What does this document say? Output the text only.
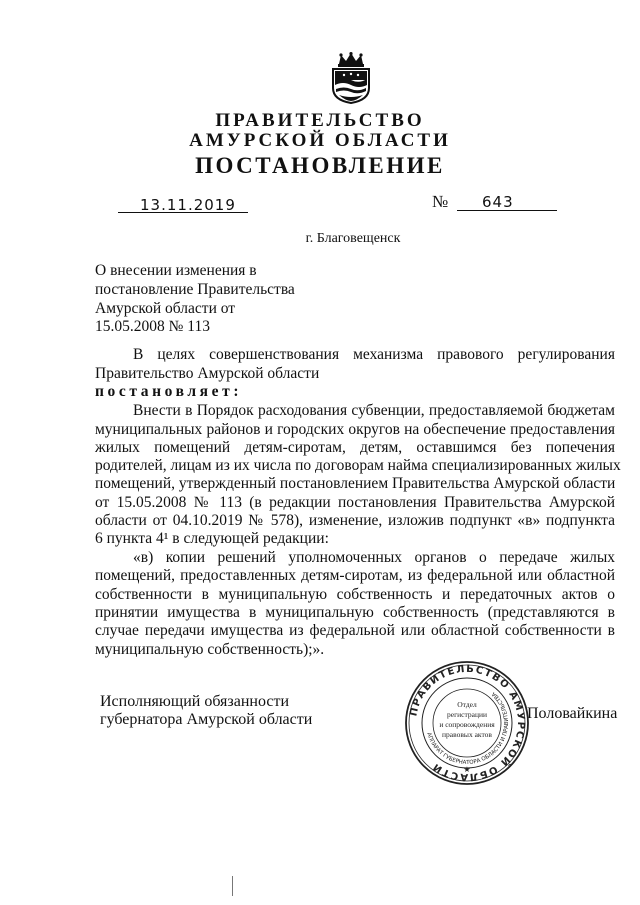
ПРАВИТЕЛЬСТВО
АМУРСКОЙ ОБЛАСТИ
ПОСТАНОВЛЕНИЕ
13.11.2019	№ 643
г. Благовещенск
О внесении изменения в
постановление Правительства
Амурской области от
15.05.2008 № 113
В целях совершенствования механизма правового регулирования
Правительство Амурской области
постановляет:
Внести в Порядок расходования субвенции, предоставляемой бюджетам
муниципальных районов и городских округов на обеспечение предоставления
жилых помещений детям-сиротам, детям, оставшимся без попечения
родителей, лицам из их числа по договорам найма специализированных жилых
помещений, утвержденный постановлением Правительства Амурской области
от 15.05.2008 № 113 (в редакции постановления Правительства Амурской
области от 04.10.2019 № 578), изменение, изложив подпункт «в» подпункта
6 пункта 4¹ в следующей редакции:
«в) копии решений уполномоченных органов о передаче жилых
помещений, предоставленных детям-сиротам, из федеральной или областной
собственности в муниципальную собственность и передаточных актов о
принятии имущества в муниципальную собственность (представляются в
случае передачи имущества из федеральной или областной собственности в
муниципальную собственность);».
Исполняющий обязанности
губернатора Амурской области	Половайкина
ПРАВИТЕЛЬСТВО АМУРСКОЙ ОБЛАСТИ
АППАРАТ ГУБЕРНАТОРА ОБЛАСТИ И ПРАВИТЕЛЬСТВА
Отдел
регистрации
и сопровождения
правовых актов
★
